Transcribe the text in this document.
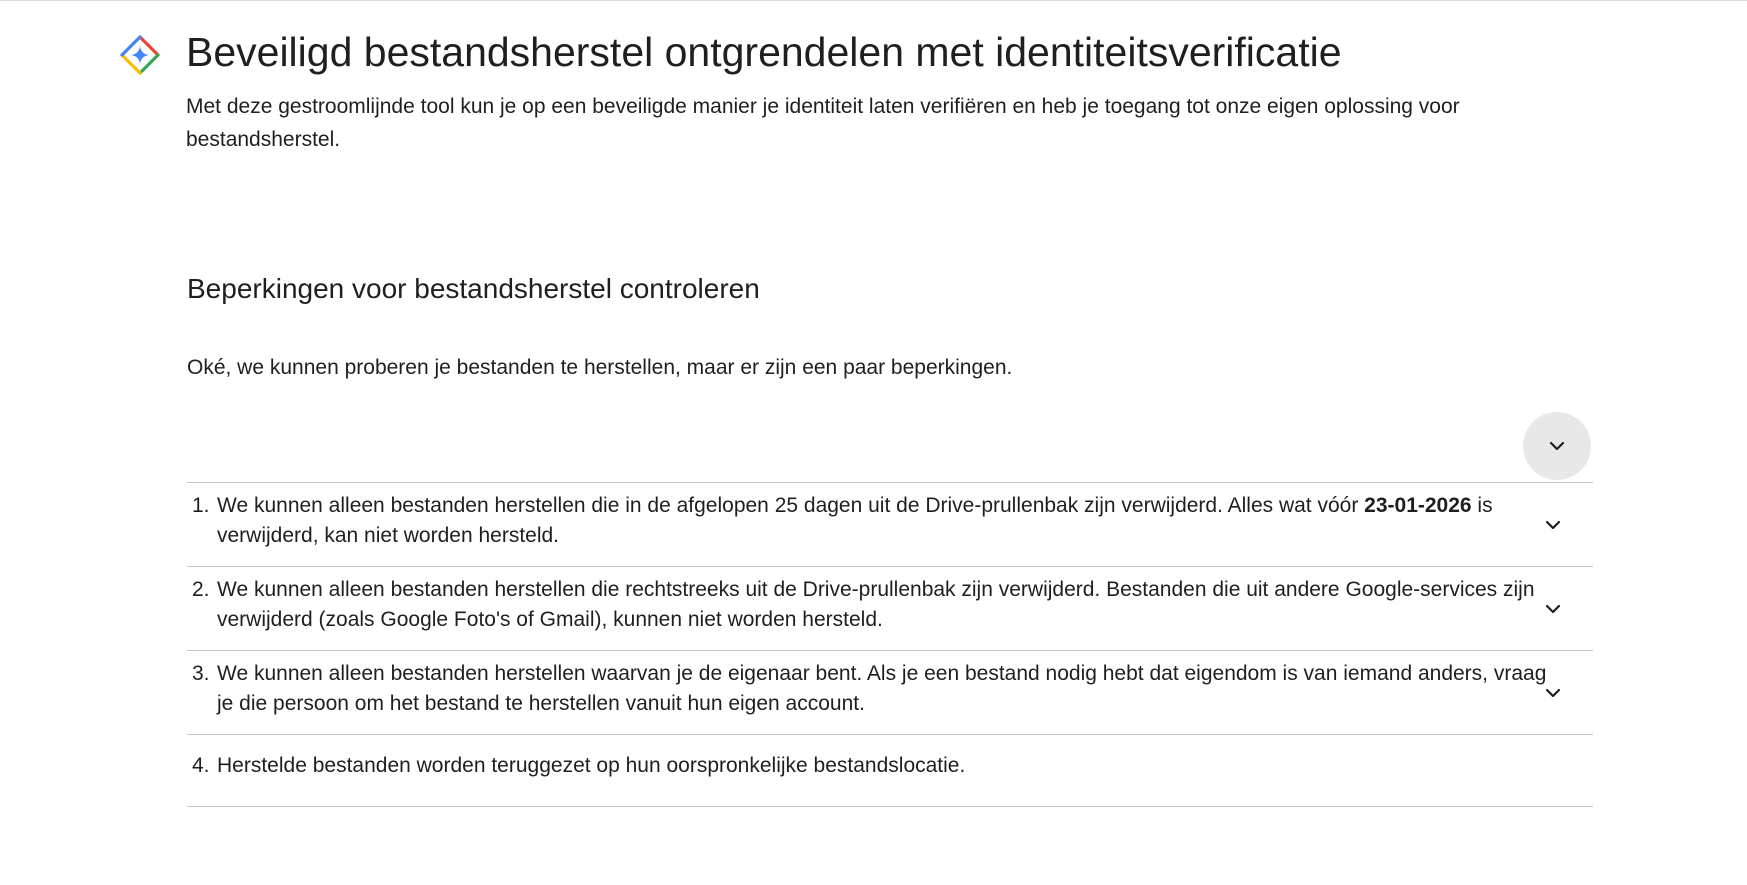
Beveiligd bestandsherstel ontgrendelen met identiteitsverificatie

Met deze gestroomlijnde tool kun je op een beveiligde manier je identiteit laten verifiëren en heb je toegang tot onze eigen oplossing voor bestandsherstel.

Beperkingen voor bestandsherstel controleren

Oké, we kunnen proberen je bestanden te herstellen, maar er zijn een paar beperkingen.

1. We kunnen alleen bestanden herstellen die in de afgelopen 25 dagen uit de Drive-prullenbak zijn verwijderd. Alles wat vóór 23-01-2026 is verwijderd, kan niet worden hersteld.
2. We kunnen alleen bestanden herstellen die rechtstreeks uit de Drive-prullenbak zijn verwijderd. Bestanden die uit andere Google-services zijn verwijderd (zoals Google Foto's of Gmail), kunnen niet worden hersteld.
3. We kunnen alleen bestanden herstellen waarvan je de eigenaar bent. Als je een bestand nodig hebt dat eigendom is van iemand anders, vraag je die persoon om het bestand te herstellen vanuit hun eigen account.
4. Herstelde bestanden worden teruggezet op hun oorspronkelijke bestandslocatie.
